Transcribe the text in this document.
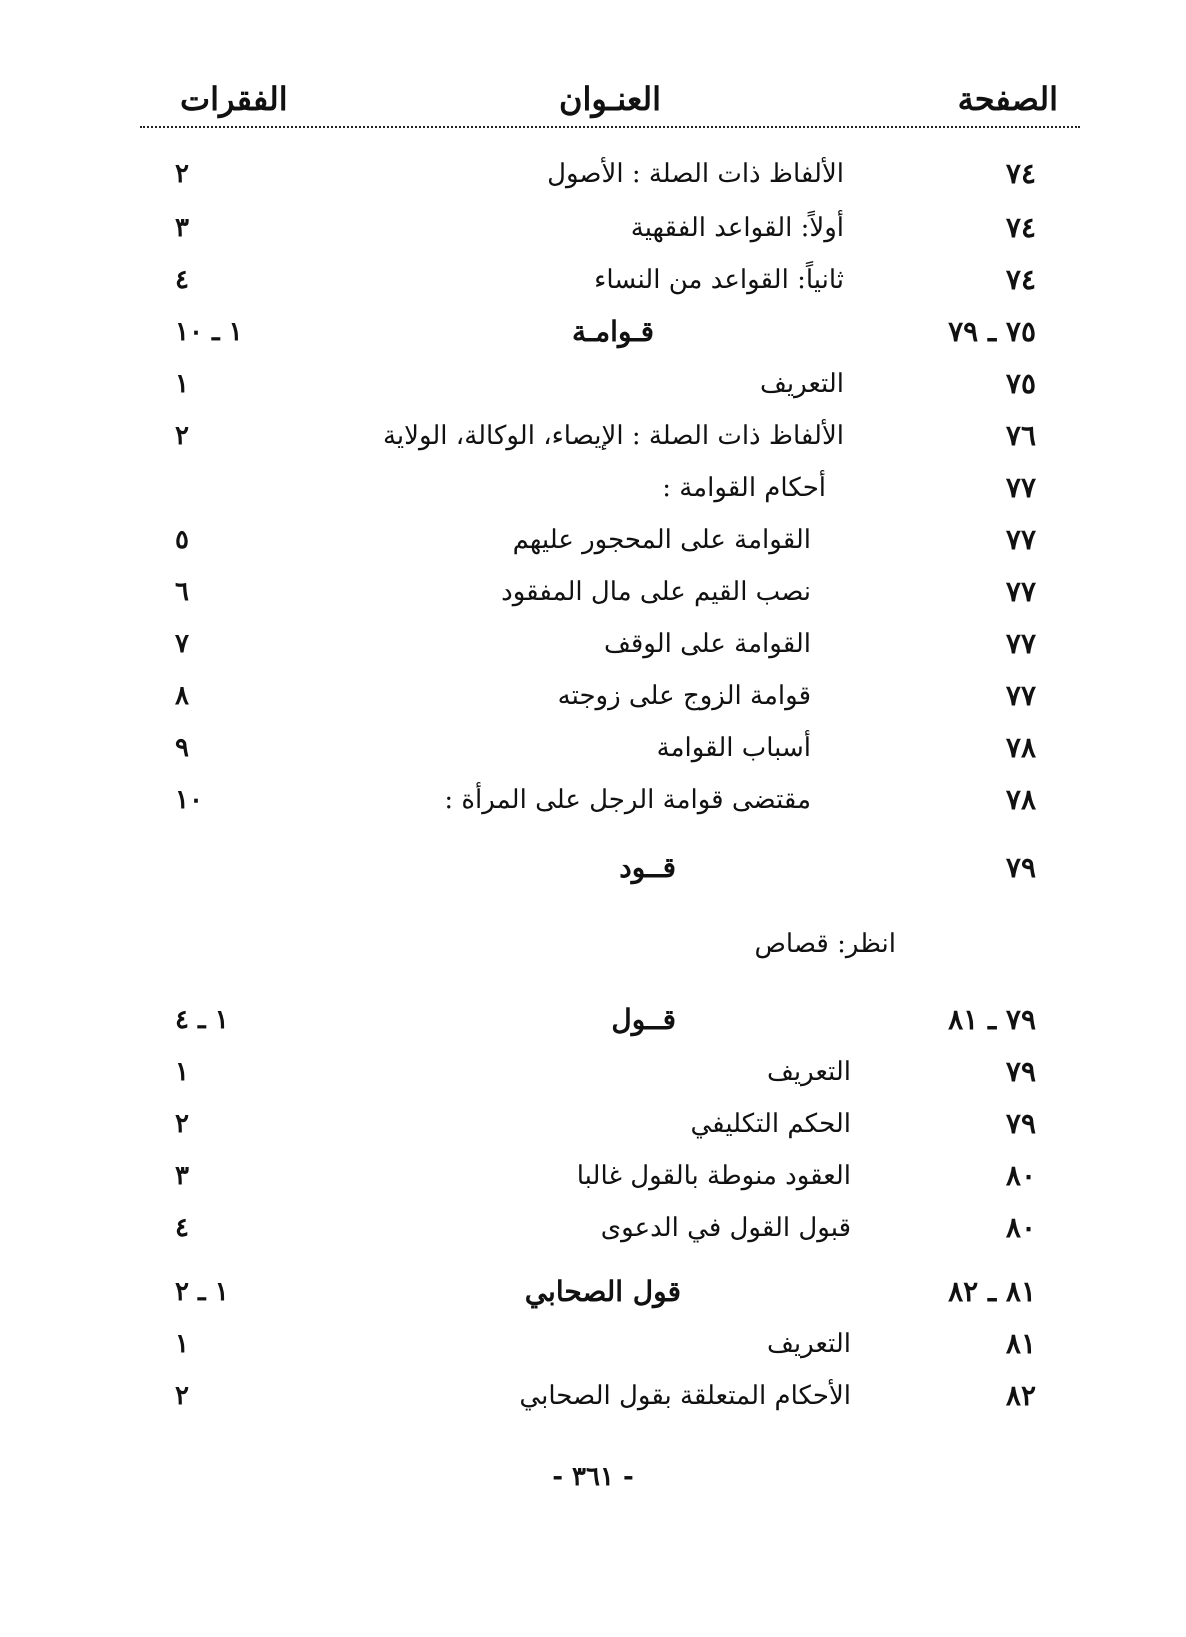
الصفحة
العنـوان
الفقرات
٧٤
الألفاظ ذات الصلة : الأصول
٢
٧٤
أولاً: القواعد الفقهية
٣
٧٤
ثانياً: القواعد من النساء
٤
٧٥ ـ ٧٩
قـوامـة
١ ـ ١٠
٧٥
التعريف
١
٧٦
الألفاظ ذات الصلة : الإيصاء، الوكالة، الولاية
٢
٧٧
أحكام القوامة :
٧٧
القوامة على المحجور عليهم
٥
٧٧
نصب القيم على مال المفقود
٦
٧٧
القوامة على الوقف
٧
٧٧
قوامة الزوج على زوجته
٨
٧٨
أسباب القوامة
٩
٧٨
مقتضى قوامة الرجل على المرأة :
١٠
٧٩
قــود
انظر: قصاص
٧٩ ـ ٨١
قــول
١ ـ ٤
٧٩
التعريف
١
٧٩
الحكم التكليفي
٢
٨٠
العقود منوطة بالقول غالبا
٣
٨٠
قبول القول في الدعوى
٤
٨١ ـ ٨٢
قول الصحابي
١ ـ ٢
٨١
التعريف
١
٨٢
الأحكام المتعلقة بقول الصحابي
٢
- ٣٦١ -
